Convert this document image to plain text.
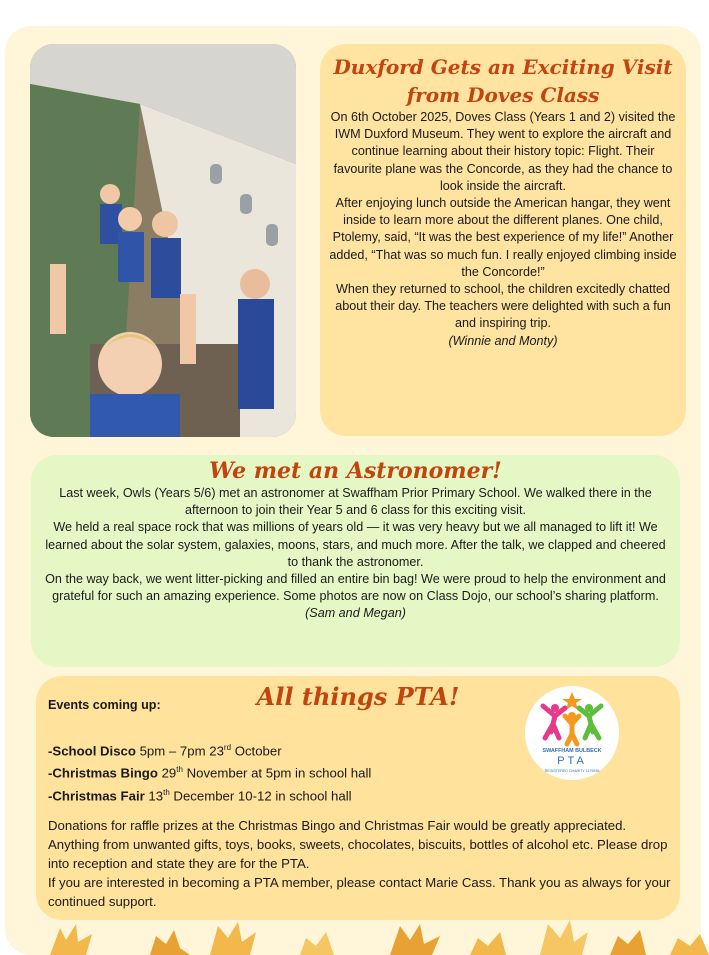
Duxford Gets an Exciting Visit
from Doves Class

On 6th October 2025, Doves Class (Years 1 and 2) visited the IWM Duxford Museum. They went to explore the aircraft and continue learning about their history topic: Flight. Their favourite plane was the Concorde, as they had the chance to look inside the aircraft.

After enjoying lunch outside the American hangar, they went inside to learn more about the different planes. One child, Ptolemy, said, “It was the best experience of my life!” Another added, “That was so much fun. I really enjoyed climbing inside the Concorde!”

When they returned to school, the children excitedly chatted about their day. The teachers were delighted with such a fun and inspiring trip.

(Winnie and Monty)
We met an Astronomer!

Last week, Owls (Years 5/6) met an astronomer at Swaffham Prior Primary School. We walked there in the afternoon to join their Year 5 and 6 class for this exciting visit.

We held a real space rock that was millions of years old — it was very heavy but we all managed to lift it! We learned about the solar system, galaxies, moons, stars, and much more. After the talk, we clapped and cheered to thank the astronomer.

On the way back, we went litter-picking and filled an entire bin bag! We were proud to help the environment and grateful for such an amazing experience. Some photos are now on Class Dojo, our school’s sharing platform.

(Sam and Megan)
All things PTA!
Events coming up:
-School Disco 5pm – 7pm 23rd October
-Christmas Bingo 29th November at 5pm in school hall
-Christmas Fair 13th December 10-12 in school hall

Donations for raffle prizes at the Christmas Bingo and Christmas Fair would be greatly appreciated. Anything from unwanted gifts, toys, books, sweets, chocolates, biscuits, bottles of alcohol etc. Please drop into reception and state they are for the PTA.
If you are interested in becoming a PTA member, please contact Marie Cass. Thank you as always for your continued support.

SWAFFHAM BULBECK
PTA
REGISTERED CHARITY 1179935
